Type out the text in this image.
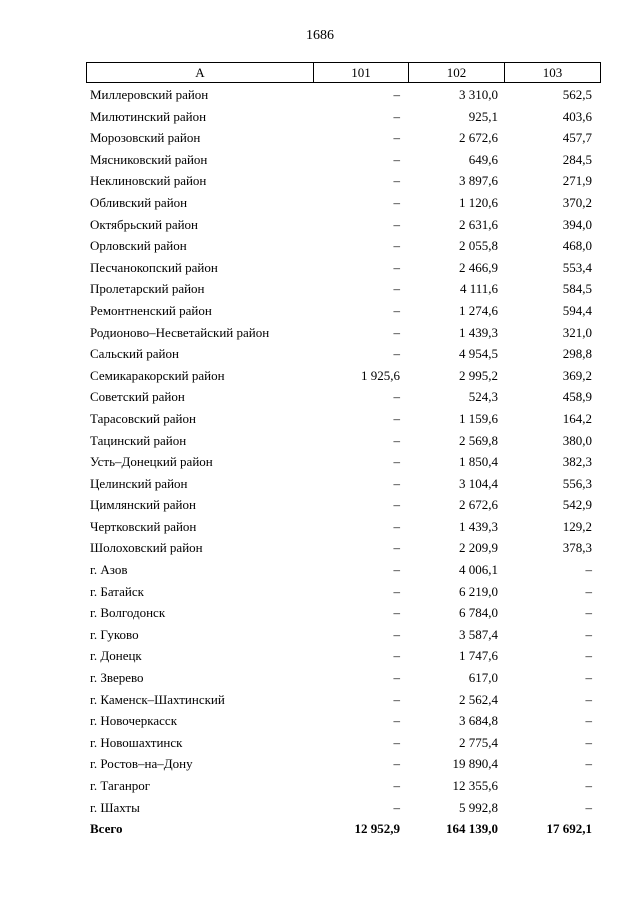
1686
А	101	102	103
Миллеровский район	–	3 310,0	562,5
Милютинский район	–	925,1	403,6
Морозовский район	–	2 672,6	457,7
Мясниковский район	–	649,6	284,5
Неклиновский район	–	3 897,6	271,9
Обливский район	–	1 120,6	370,2
Октябрьский район	–	2 631,6	394,0
Орловский район	–	2 055,8	468,0
Песчанокопский район	–	2 466,9	553,4
Пролетарский район	–	4 111,6	584,5
Ремонтненский район	–	1 274,6	594,4
Родионово–Несветайский район	–	1 439,3	321,0
Сальский район	–	4 954,5	298,8
Семикаракорский район	1 925,6	2 995,2	369,2
Советский район	–	524,3	458,9
Тарасовский район	–	1 159,6	164,2
Тацинский район	–	2 569,8	380,0
Усть–Донецкий район	–	1 850,4	382,3
Целинский район	–	3 104,4	556,3
Цимлянский район	–	2 672,6	542,9
Чертковский район	–	1 439,3	129,2
Шолоховский район	–	2 209,9	378,3
г. Азов	–	4 006,1	–
г. Батайск	–	6 219,0	–
г. Волгодонск	–	6 784,0	–
г. Гуково	–	3 587,4	–
г. Донецк	–	1 747,6	–
г. Зверево	–	617,0	–
г. Каменск–Шахтинский	–	2 562,4	–
г. Новочеркасск	–	3 684,8	–
г. Новошахтинск	–	2 775,4	–
г. Ростов–на–Дону	–	19 890,4	–
г. Таганрог	–	12 355,6	–
г. Шахты	–	5 992,8	–
Всего	12 952,9	164 139,0	17 692,1
